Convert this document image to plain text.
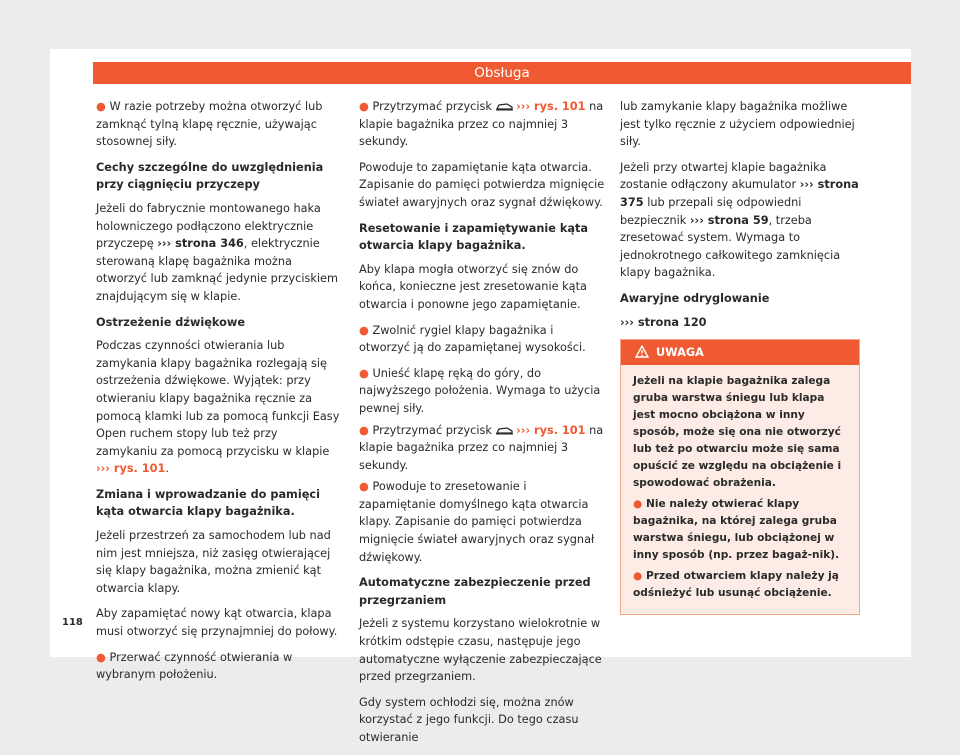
Obsługa

● W razie potrzeby można otworzyć lub zamknąć tylną klapę ręcznie, używając stosownej siły.

Cechy szczególne do uwzględnienia przy ciągnięciu przyczepy

Jeżeli do fabrycznie montowanego haka holowniczego podłączono elektrycznie przyczepę ››› strona 346, elektrycznie sterowaną klapę bagażnika można otworzyć lub zamknąć jedynie przyciskiem znajdującym się w klapie.

Ostrzeżenie dźwiękowe

Podczas czynności otwierania lub zamykania klapy bagażnika rozlegają się ostrzeżenia dźwiękowe. Wyjątek: przy otwieraniu klapy bagażnika ręcznie za pomocą klamki lub za pomocą funkcji Easy Open ruchem stopy lub też przy zamykaniu za pomocą przycisku w klapie ››› rys. 101.

Zmiana i wprowadzanie do pamięci kąta otwarcia klapy bagażnika.

Jeżeli przestrzeń za samochodem lub nad nim jest mniejsza, niż zasięg otwierającej się klapy bagażnika, można zmienić kąt otwarcia klapy.

Aby zapamiętać nowy kąt otwarcia, klapa musi otworzyć się przynajmniej do połowy.

● Przerwać czynność otwierania w wybranym położeniu.

118

● Przytrzymać przycisk ››› rys. 101 na klapie bagażnika przez co najmniej 3 sekundy.

Powoduje to zapamiętanie kąta otwarcia. Zapisanie do pamięci potwierdza mignięcie świateł awaryjnych oraz sygnał dźwiękowy.

Resetowanie i zapamiętywanie kąta otwarcia klapy bagażnika.

Aby klapa mogła otworzyć się znów do końca, konieczne jest zresetowanie kąta otwarcia i ponowne jego zapamiętanie.

● Zwolnić rygiel klapy bagażnika i otworzyć ją do zapamiętanej wysokości.

● Unieść klapę ręką do góry, do najwyższego położenia. Wymaga to użycia pewnej siły.

● Przytrzymać przycisk ››› rys. 101 na klapie bagażnika przez co najmniej 3 sekundy.

● Powoduje to zresetowanie i zapamiętanie domyślnego kąta otwarcia klapy. Zapisanie do pamięci potwierdza mignięcie świateł awaryjnych oraz sygnał dźwiękowy.

Automatyczne zabezpieczenie przed przegrzaniem

Jeżeli z systemu korzystano wielokrotnie w krótkim odstępie czasu, następuje jego automatyczne wyłączenie zabezpieczające przed przegrzaniem.

Gdy system ochłodzi się, można znów korzystać z jego funkcji. Do tego czasu otwieranie

lub zamykanie klapy bagażnika możliwe jest tylko ręcznie z użyciem odpowiedniej siły.

Jeżeli przy otwartej klapie bagażnika zostanie odłączony akumulator ››› strona 375 lub przepali się odpowiedni bezpiecznik ››› strona 59, trzeba zresetować system. Wymaga to jednokrotnego całkowitego zamknięcia klapy bagażnika.

Awaryjne odryglowanie

››› strona 120

UWAGA

Jeżeli na klapie bagażnika zalega gruba warstwa śniegu lub klapa jest mocno obciążona w inny sposób, może się ona nie otworzyć lub też po otwarciu może się sama opuścić ze względu na obciążenie i spowodować obrażenia.

● Nie należy otwierać klapy bagażnika, na której zalega gruba warstwa śniegu, lub obciążonej w inny sposób (np. przez bagaż-nik).

● Przed otwarciem klapy należy ją odśnieżyć lub usunąć obciążenie.
